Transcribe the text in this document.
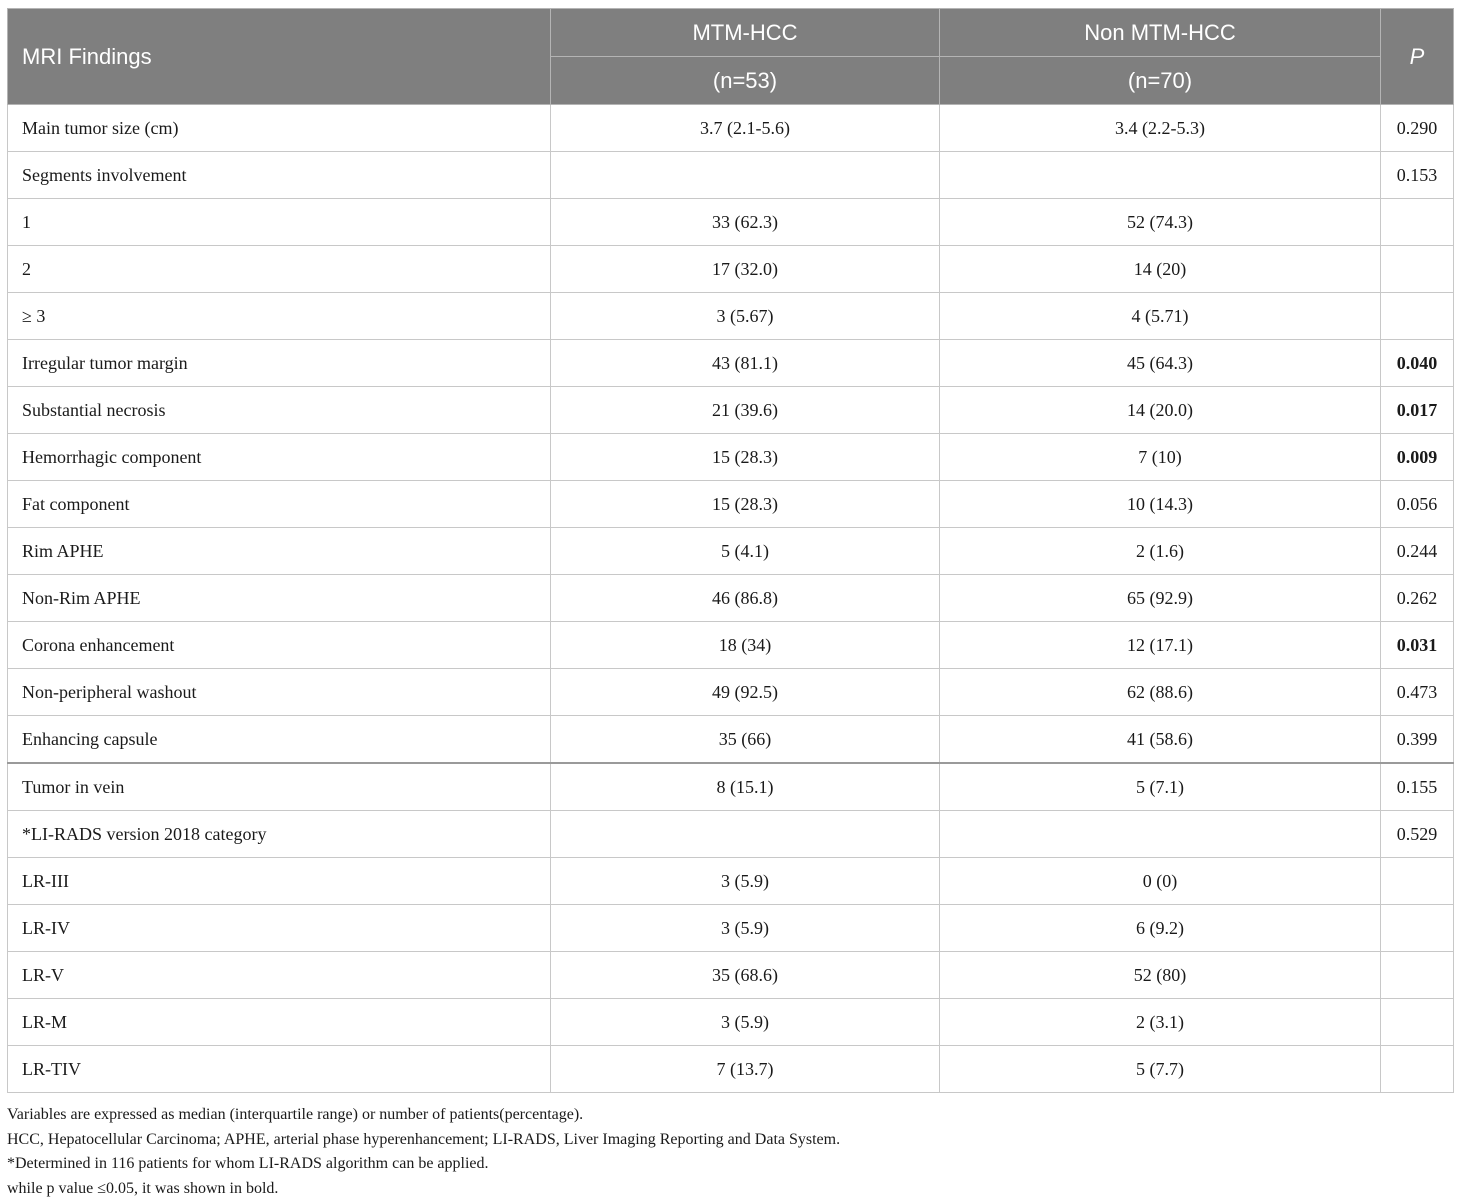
MRI Findings	MTM-HCC	Non MTM-HCC	P
	(n=53)	(n=70)	
Main tumor size (cm)	3.7 (2.1-5.6)	3.4 (2.2-5.3)	0.290
Segments involvement			0.153
1	33 (62.3)	52 (74.3)	
2	17 (32.0)	14 (20)	
≥ 3	3 (5.67)	4 (5.71)	
Irregular tumor margin	43 (81.1)	45 (64.3)	0.040
Substantial necrosis	21 (39.6)	14 (20.0)	0.017
Hemorrhagic component	15 (28.3)	7 (10)	0.009
Fat component	15 (28.3)	10 (14.3)	0.056
Rim APHE	5 (4.1)	2 (1.6)	0.244
Non-Rim APHE	46 (86.8)	65 (92.9)	0.262
Corona enhancement	18 (34)	12 (17.1)	0.031
Non-peripheral washout	49 (92.5)	62 (88.6)	0.473
Enhancing capsule	35 (66)	41 (58.6)	0.399
Tumor in vein	8 (15.1)	5 (7.1)	0.155
*LI-RADS version 2018 category			0.529
LR-III	3 (5.9)	0 (0)	
LR-IV	3 (5.9)	6 (9.2)	
LR-V	35 (68.6)	52 (80)	
LR-M	3 (5.9)	2 (3.1)	
LR-TIV	7 (13.7)	5 (7.7)	
Variables are expressed as median (interquartile range) or number of patients(percentage).
HCC, Hepatocellular Carcinoma; APHE, arterial phase hyperenhancement; LI-RADS, Liver Imaging Reporting and Data System.
*Determined in 116 patients for whom LI-RADS algorithm can be applied.
while p value ≤0.05, it was shown in bold.
